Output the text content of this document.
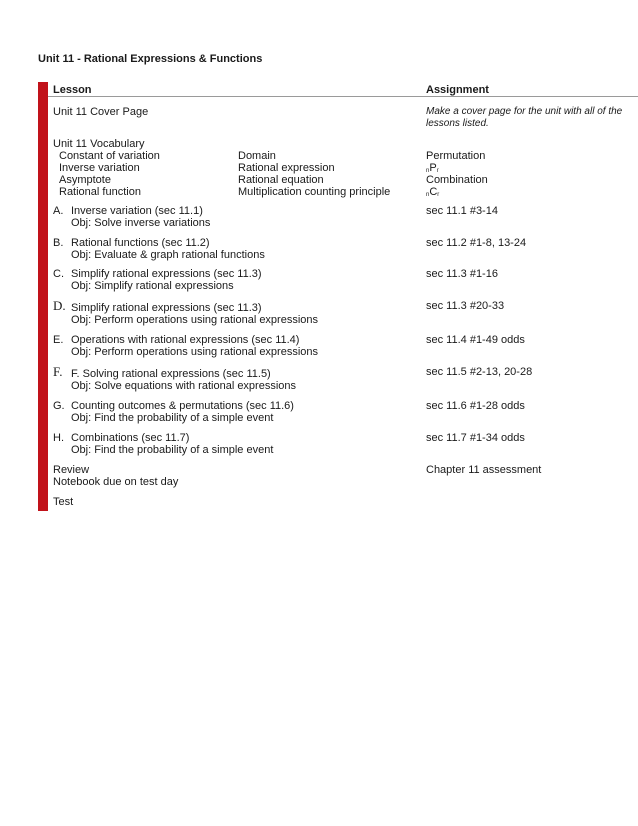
Unit 11 - Rational Expressions & Functions
Lesson	Assignment
Unit 11 Cover Page	Make a cover page for the unit with all of the
lessons listed.
Unit 11 Vocabulary
Constant of variation
Inverse variation
Asymptote
Rational function
Domain
Rational expression
Rational equation
Multiplication counting principle
Permutation
nPr
Combination
nCr
A. Inverse variation (sec 11.1)
Obj: Solve inverse variations
sec 11.1 #3-14
B. Rational functions (sec 11.2)
Obj: Evaluate & graph rational functions
sec 11.2 #1-8, 13-24
C. Simplify rational expressions (sec 11.3)
Obj: Simplify rational expressions
sec 11.3 #1-16
D. Simplify rational expressions (sec 11.3)
Obj: Perform operations using rational expressions
sec 11.3 #20-33
E. Operations with rational expressions (sec 11.4)
Obj: Perform operations using rational expressions
sec 11.4 #1-49 odds
F. F. Solving rational expressions (sec 11.5)
Obj: Solve equations with rational expressions
sec 11.5 #2-13, 20-28
G. Counting outcomes & permutations (sec 11.6)
Obj: Find the probability of a simple event
sec 11.6 #1-28 odds
H. Combinations (sec 11.7)
Obj: Find the probability of a simple event
sec 11.7 #1-34 odds
Review
Notebook due on test day
Chapter 11 assessment
Test
